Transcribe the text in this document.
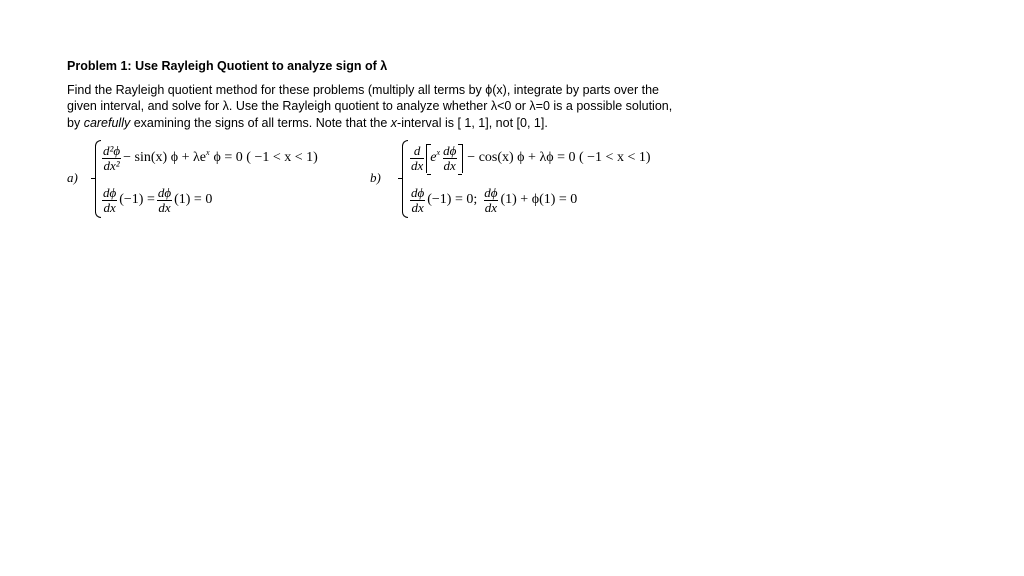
Problem 1: Use Rayleigh Quotient to analyze sign of λ
Find the Rayleigh quotient method for these problems (multiply all terms by ϕ(x), integrate by parts over the
given interval, and solve for λ. Use the Rayleigh quotient to analyze whether λ<0 or λ=0 is a possible solution,
by carefully examining the signs of all terms. Note that the x-interval is [ 1, 1], not [0, 1].
a)
$\frac{\text{d²ϕ}}{\text{dx²}} - \sin(x) \phi + \lambda e^x$ ϕ = 0 ( −1 < x < 1)
$\frac{d\phi}{dx} (-1) = \frac{d\phi}{dx} (1) = 0$
b)
$\frac{d}{dx} e^x \frac{d\phi}{dx} - \cos(x) \phi + \lambda\phi = 0$ ( −1 < x < 1)
$\frac{d\phi}{dx} (-1) = 0$; $\frac{d\phi}{dx} (1) + \phi(1) = 0$
